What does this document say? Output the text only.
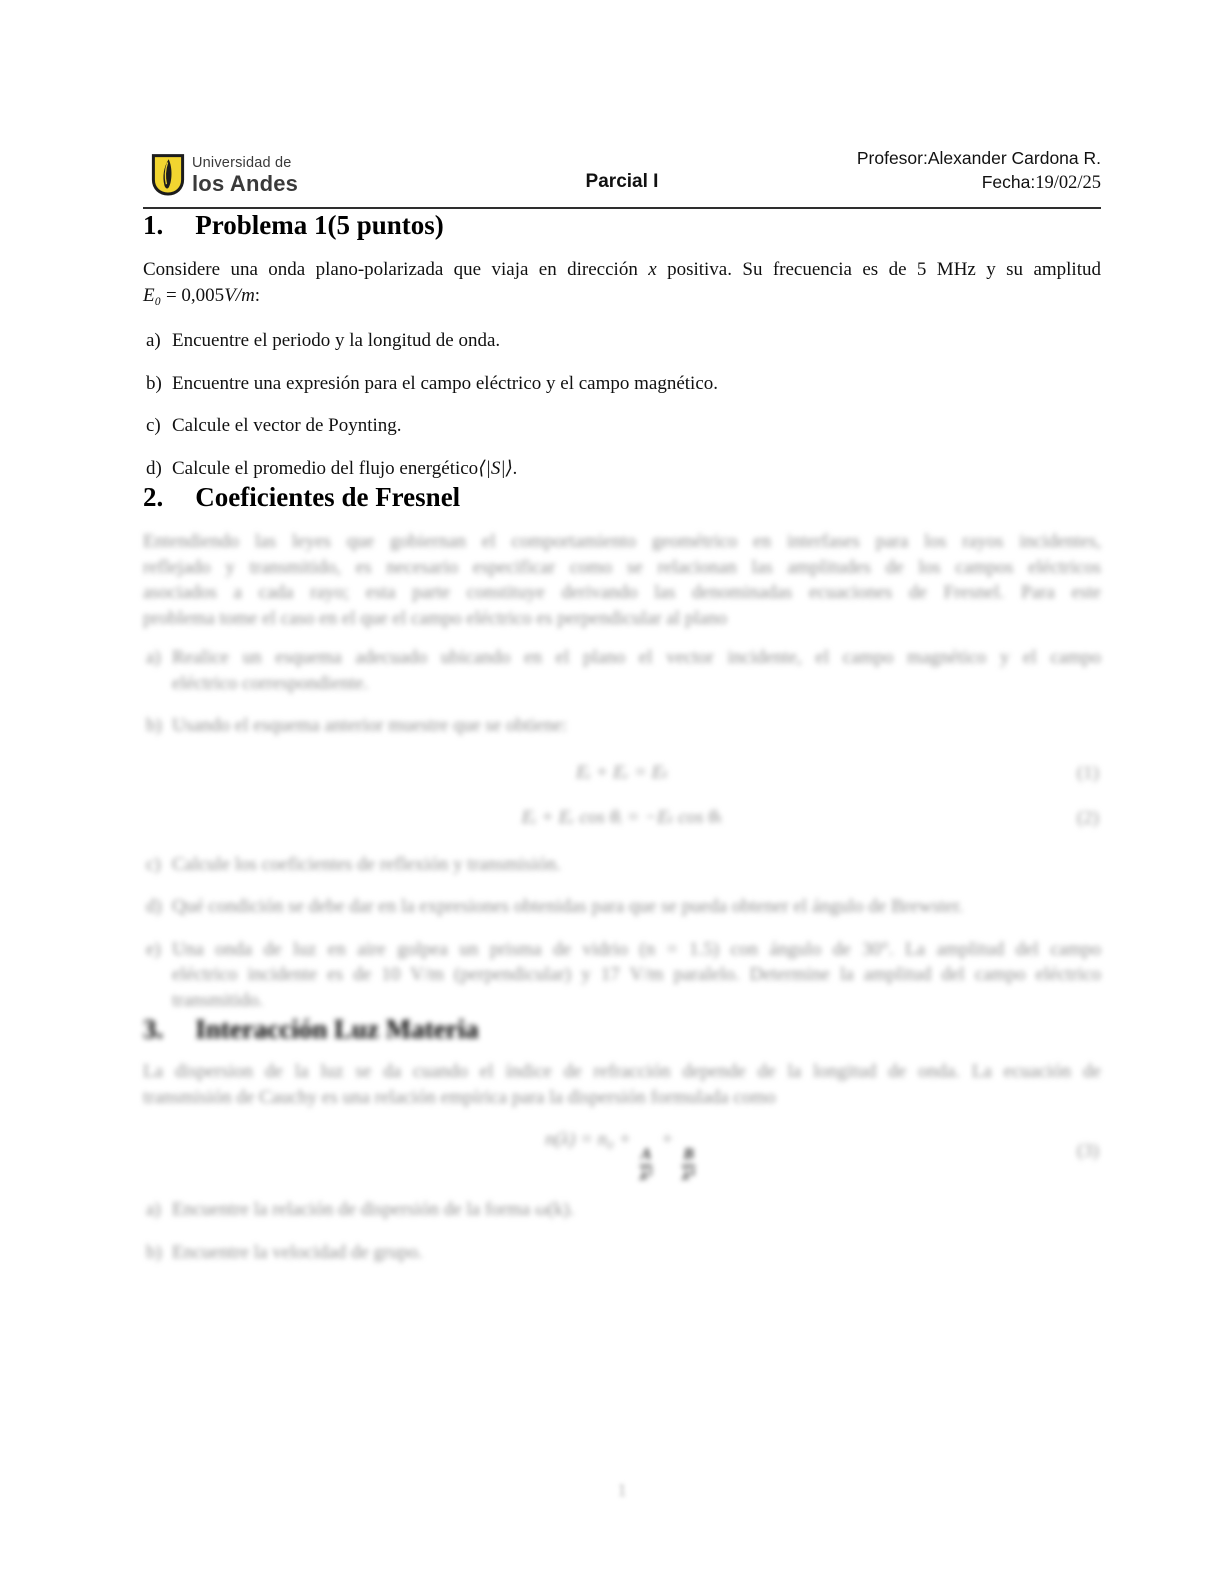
Universidad de
los Andes	Parcial I
Profesor:Alexander Cardona R.
Fecha:19/02/25
1. Problema 1(5 puntos)

Considere una onda plano-polarizada que viaja en dirección x positiva. Su frecuencia es de 5 MHz y su amplitud

E₀ = 0,005V/m:

a) Encuentre el periodo y la longitud de onda.
b) Encuentre una expresión para el campo eléctrico y el campo magnético.
c) Calcule el vector de Poynting.
d) Calcule el promedio del flujo energético⟨|S|⟩.
2. Coeficientes de Fresnel

Entendiendo las leyes que gobiernan el comportamiento geométrico en interfases para los rayos incidentes,

reflejado y transmitido, es necesario especificar como se relacionan las amplitudes de los campos eléctricos

asociados a cada rayo; esta parte constituye derivando las denominadas ecuaciones de Fresnel. Para este

problema tome el caso en el que el campo eléctrico es perpendicular al plano

a) Realice un esquema adecuado ubicando en el plano el vector incidente, el campo magnético y el campo

eléctrico correspondiente.

b) Usando el esquema anterior muestre que se obtiene:
Eᵢ + Eᵣ = Eₜ	(1)
Eᵢ + Eᵣ cos θᵢ = −Eₜ cos θₜ	(2)
c) Calcule los coeficientes de reflexión y transmisión.
d) Qué condición se debe dar en la expresiones obtenidas para que se pueda obtener el ángulo de Brewster.
e) Una onda de luz en aire golpea un prisma de vidrio (n = 1.5) con ángulo de 30°. La amplitud del campo

eléctrico incidente es de 10 V/m (perpendicular) y 17 V/m paralelo. Determine la amplitud del campo eléctrico

transmitido.

3. Interacción Luz Materia

La dispersion de la luz se da cuando el índice de refracción depende de la longitud de onda. La ecuación de

transmisión de Cauchy es una relación empírica para la dispersión formulada como

n(λ) = n₀ +
$\frac{A}{\text{λ²}}$
+
$\frac{B}{\text{λ⁴}}$	(3)
a) Encuentre la relación de dispersión de la forma ω(k).
b) Encuentre la velocidad de grupo.
1
